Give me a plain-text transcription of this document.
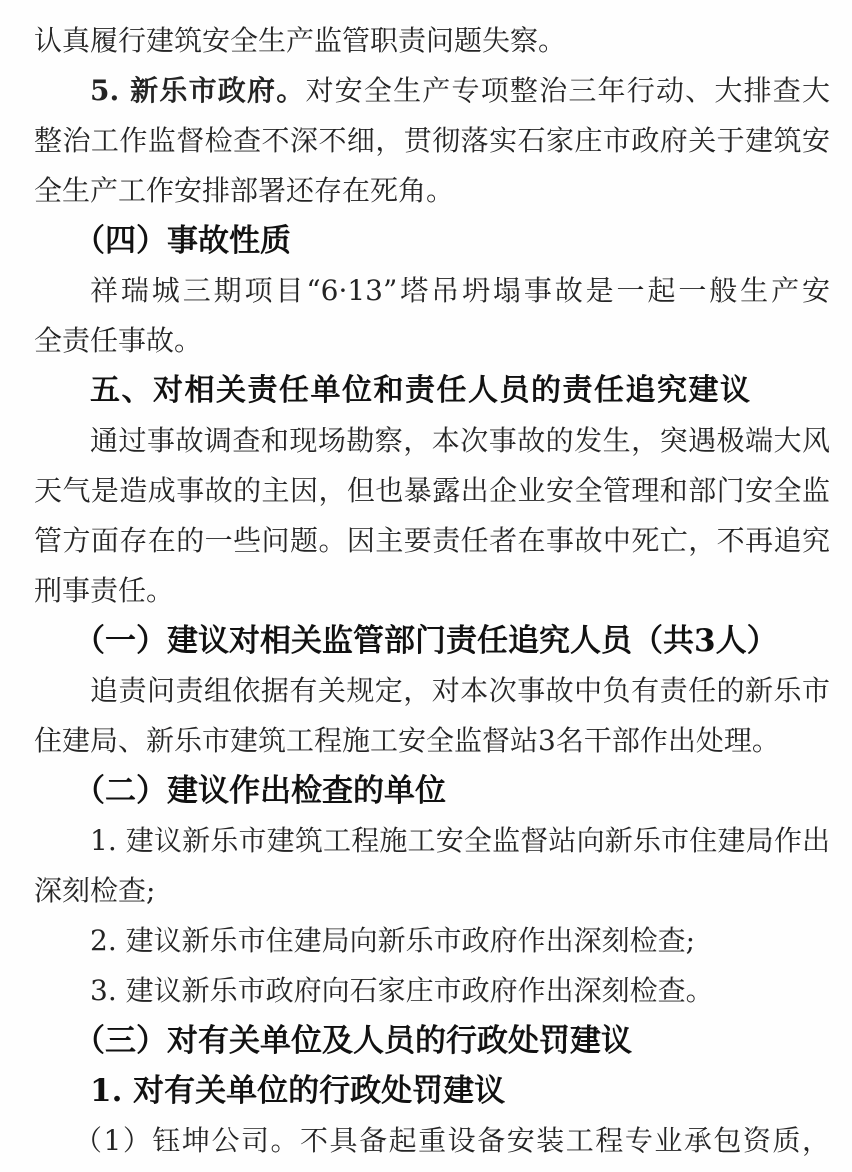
认真履行建筑安全生产监管职责问题失察。
5. 新乐市政府。对安全生产专项整治三年行动、大排查大
整治工作监督检查不深不细，贯彻落实石家庄市政府关于建筑安
全生产工作安排部署还存在死角。
（四）事故性质
祥瑞城三期项目“6·13”塔吊坍塌事故是一起一般生产安
全责任事故。
五、对相关责任单位和责任人员的责任追究建议
通过事故调查和现场勘察，本次事故的发生，突遇极端大风
天气是造成事故的主因，但也暴露出企业安全管理和部门安全监
管方面存在的一些问题。因主要责任者在事故中死亡，不再追究
刑事责任。
（一）建议对相关监管部门责任追究人员（共3人）
追责问责组依据有关规定，对本次事故中负有责任的新乐市
住建局、新乐市建筑工程施工安全监督站3名干部作出处理。
（二）建议作出检查的单位
1. 建议新乐市建筑工程施工安全监督站向新乐市住建局作出
深刻检查;
2. 建议新乐市住建局向新乐市政府作出深刻检查;
3. 建议新乐市政府向石家庄市政府作出深刻检查。
（三）对有关单位及人员的行政处罚建议
1. 对有关单位的行政处罚建议
（1）钰坤公司。不具备起重设备安装工程专业承包资质，
